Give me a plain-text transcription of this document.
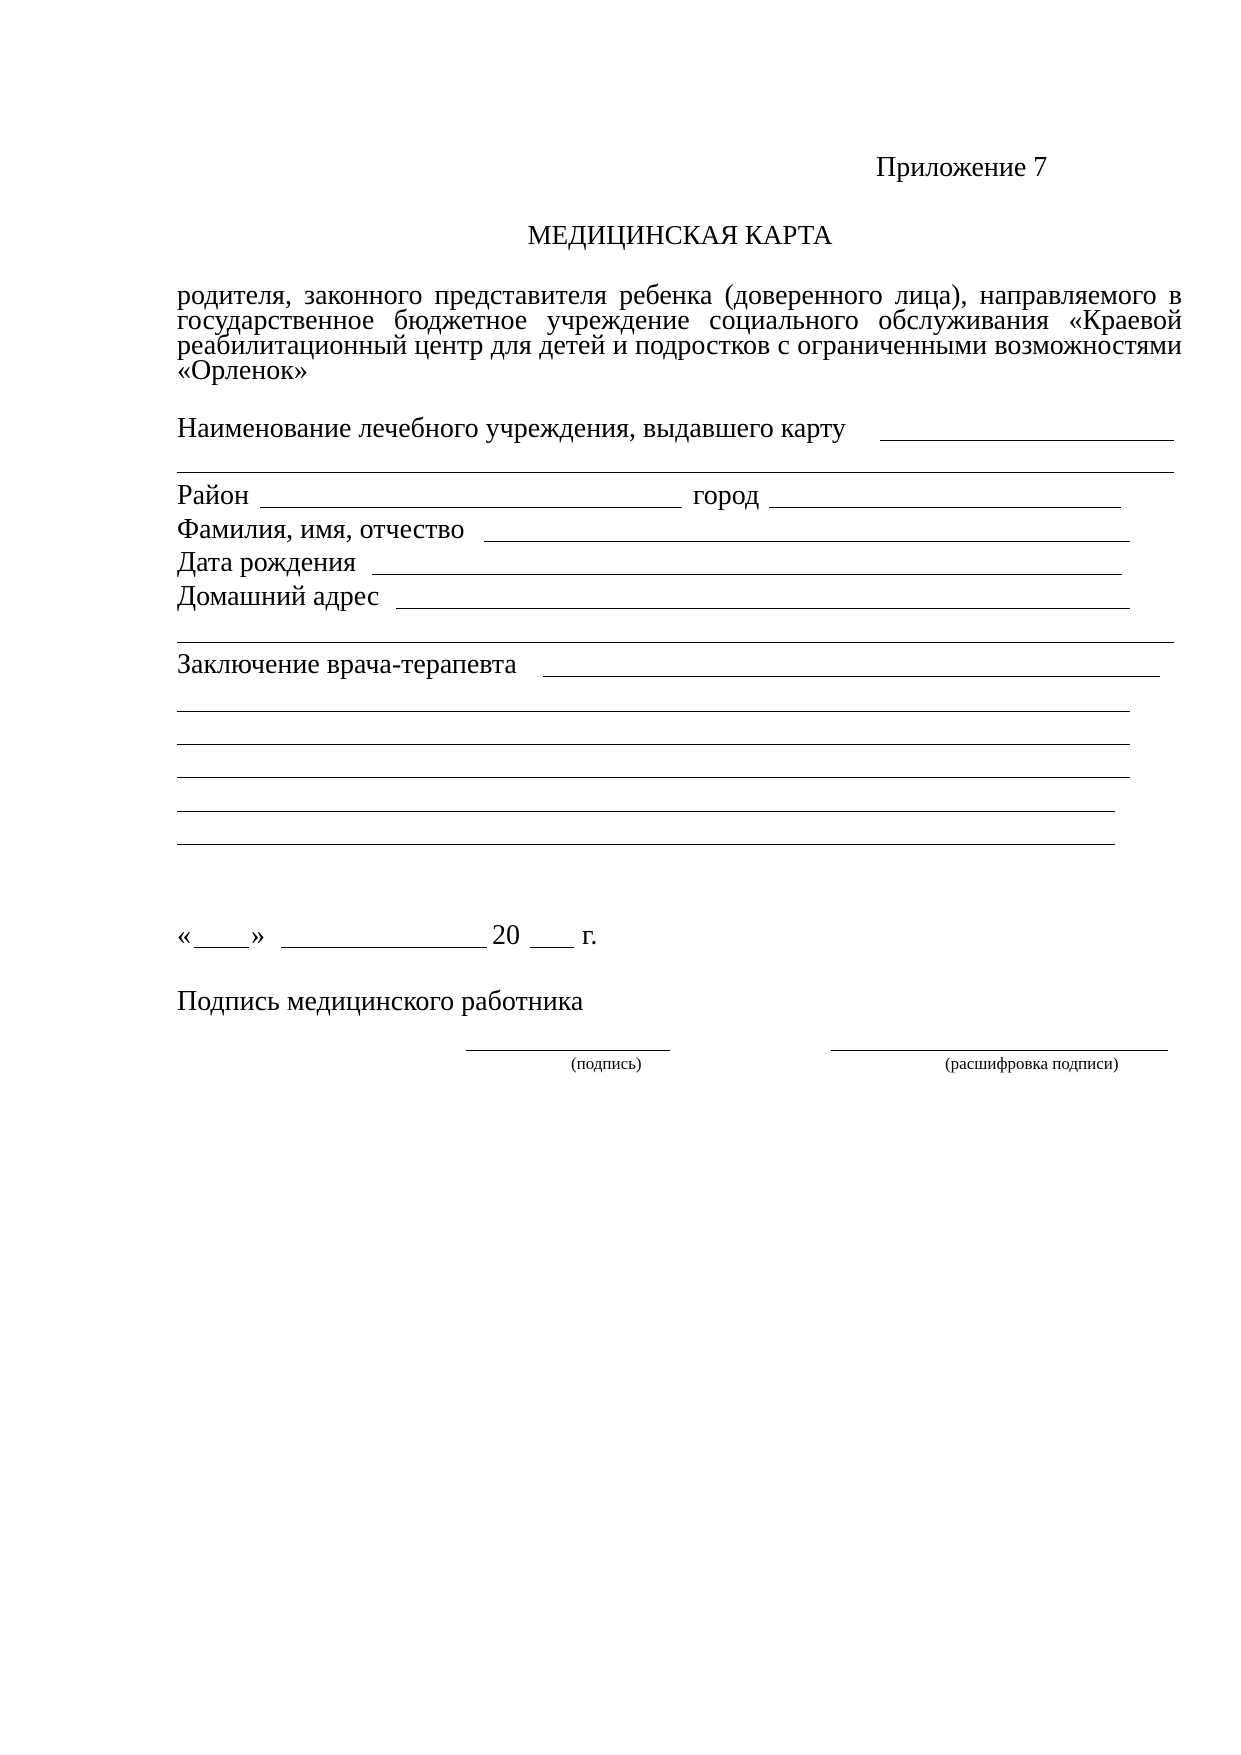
Приложение 7
МЕДИЦИНСКАЯ КАРТА
родителя, законного представителя ребенка (доверенного лица), направляемого в государственное бюджетное учреждение социального обслуживания «Краевой реабилитационный центр для детей и подростков с ограниченными возможностями «Орленок»
Наименование лечебного учреждения, выдавшего карту
Район	город
Фамилия, имя, отчество
Дата рождения
Домашний адрес
Заключение врача-терапевта
« »	20 г.
Подпись медицинского работника
(подпись)	(расшифровка подписи)
